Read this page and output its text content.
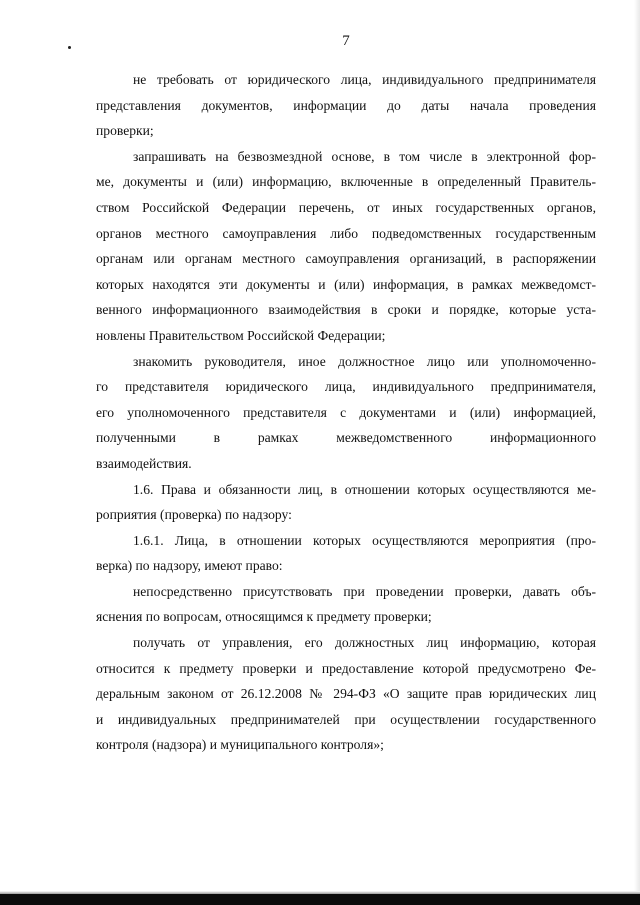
7
не требовать от юридического лица, индивидуального предпринимателя
представления документов, информации до даты начала проведения
проверки;
запрашивать на безвозмездной основе, в том числе в электронной фор-
ме, документы и (или) информацию, включенные в определенный Правитель-
ством Российской Федерации перечень, от иных государственных органов,
органов местного самоуправления либо подведомственных государственным
органам или органам местного самоуправления организаций, в распоряжении
которых находятся эти документы и (или) информация, в рамках межведомст-
венного информационного взаимодействия в сроки и порядке, которые уста-
новлены Правительством Российской Федерации;
знакомить руководителя, иное должностное лицо или уполномоченно-
го представителя юридического лица, индивидуального предпринимателя,
его уполномоченного представителя с документами и (или) информацией,
полученными в рамках межведомственного информационного
взаимодействия.
1.6. Права и обязанности лиц, в отношении которых осуществляются ме-
роприятия (проверка) по надзору:
1.6.1. Лица, в отношении которых осуществляются мероприятия (про-
верка) по надзору, имеют право:
непосредственно присутствовать при проведении проверки, давать объ-
яснения по вопросам, относящимся к предмету проверки;
получать от управления, его должностных лиц информацию, которая
относится к предмету проверки и предоставление которой предусмотрено Фе-
деральным законом от 26.12.2008 № 294-ФЗ «О защите прав юридических лиц
и индивидуальных предпринимателей при осуществлении государственного
контроля (надзора) и муниципального контроля»;
